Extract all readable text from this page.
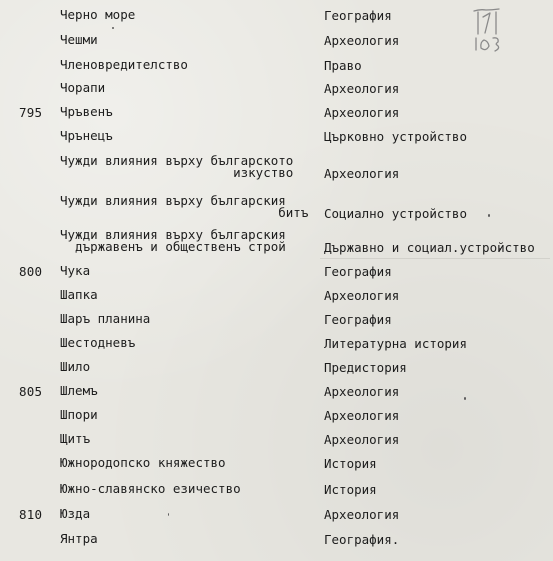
Черно море	География
Чешми	Археология
Членовредителство	Право
Чорапи	Археология
795	Чръвенъ	Археология
Чрънецъ	Църковно устройство
Чужди влияния върху българското
изкуство	Археология
Чужди влияния върху българския
битъ	Социално устройство
Чужди влияния върху българския
държавенъ и общественъ строй	Държавно и социал.устройство
800	Чука	География
Шапка	Археология
Шаръ планина	География
Шестодневъ	Литературна история
Шило	Предистория
805	Шлемъ	Археология
Шпори	Археология
Щитъ	Археология
Южнородопско княжество	История
Южно-славянско езичество	История
810	Юзда	Археология
Янтра	География.
